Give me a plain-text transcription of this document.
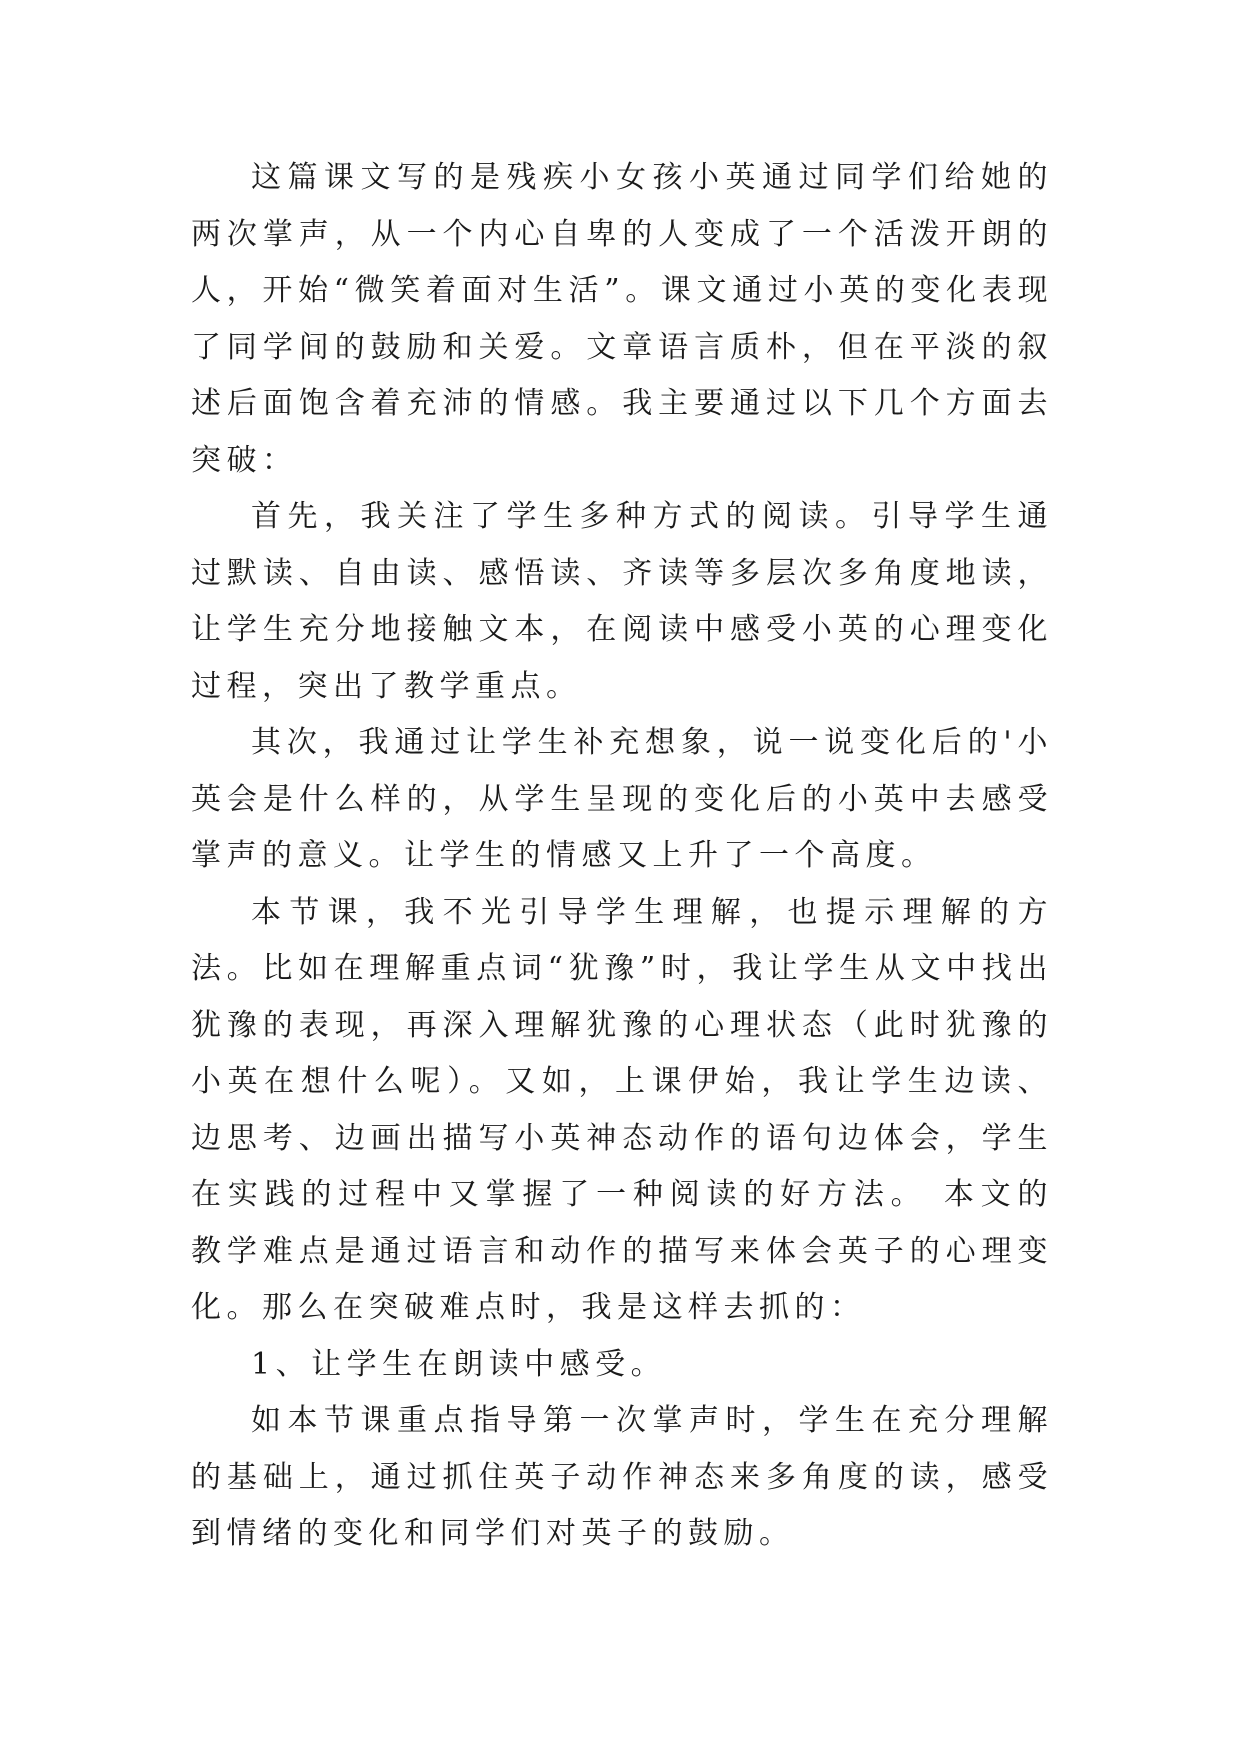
这篇课文写的是残疾小女孩小英通过同学们给她的两次掌声，从一个内心自卑的人变成了一个活泼开朗的人，开始“微笑着面对生活”。课文通过小英的变化表现了同学间的鼓励和关爱。文章语言质朴，但在平淡的叙述后面饱含着充沛的情感。我主要通过以下几个方面去突破：

首先，我关注了学生多种方式的阅读。引导学生通过默读、自由读、感悟读、齐读等多层次多角度地读，让学生充分地接触文本，在阅读中感受小英的心理变化过程，突出了教学重点。

其次，我通过让学生补充想象，说一说变化后的'小英会是什么样的，从学生呈现的变化后的小英中去感受掌声的意义。让学生的情感又上升了一个高度。

本节课，我不光引导学生理解，也提示理解的方法。比如在理解重点词“犹豫”时，我让学生从文中找出犹豫的表现，再深入理解犹豫的心理状态（此时犹豫的小英在想什么呢）。又如，上课伊始，我让学生边读、边思考、边画出描写小英神态动作的语句边体会，学生在实践的过程中又掌握了一种阅读的好方法。 本文的教学难点是通过语言和动作的描写来体会英子的心理变化。那么在突破难点时，我是这样去抓的：

1、让学生在朗读中感受。

如本节课重点指导第一次掌声时，学生在充分理解的基础上，通过抓住英子动作神态来多角度的读，感受到情绪的变化和同学们对英子的鼓励。
